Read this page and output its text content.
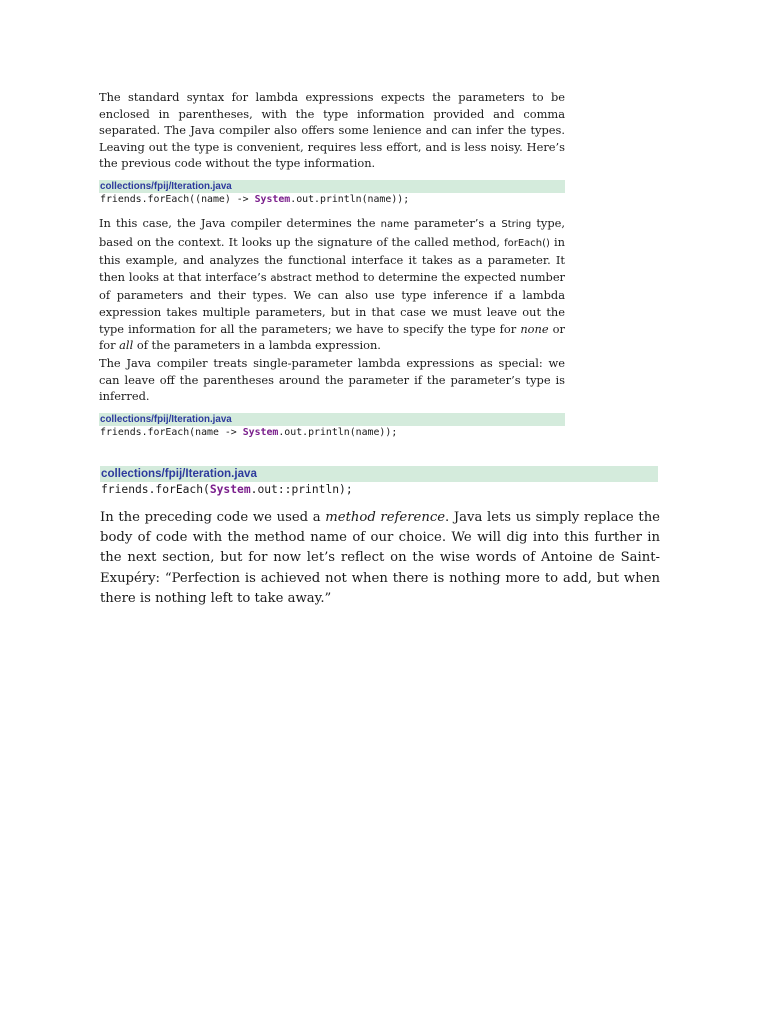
The standard syntax for lambda expressions expects the parameters to be enclosed in parentheses, with the type information provided and comma separated. The Java compiler also offers some lenience and can infer the types. Leaving out the type is convenient, requires less effort, and is less noisy. Here’s the previous code without the type information.

collections/fpij/Iteration.java
friends.forEach((name) -> System.out.println(name));

In this case, the Java compiler determines the name parameter’s a String type, based on the context. It looks up the signature of the called method, forEach() in this example, and analyzes the functional interface it takes as a parameter. It then looks at that interface’s abstract method to determine the expected number of parameters and their types. We can also use type inference if a lambda expression takes multiple parameters, but in that case we must leave out the type information for all the parameters; we have to specify the type for none or for all of the parameters in a lambda expression.

The Java compiler treats single-parameter lambda expressions as special: we can leave off the parentheses around the parameter if the parameter’s type is inferred.

collections/fpij/Iteration.java
friends.forEach(name -> System.out.println(name));
collections/fpij/Iteration.java
friends.forEach(System.out::println);

In the preceding code we used a method reference. Java lets us simply replace the body of code with the method name of our choice. We will dig into this further in the next section, but for now let’s reflect on the wise words of Antoine de Saint-Exupéry: “Perfection is achieved not when there is nothing more to add, but when there is nothing left to take away.”
